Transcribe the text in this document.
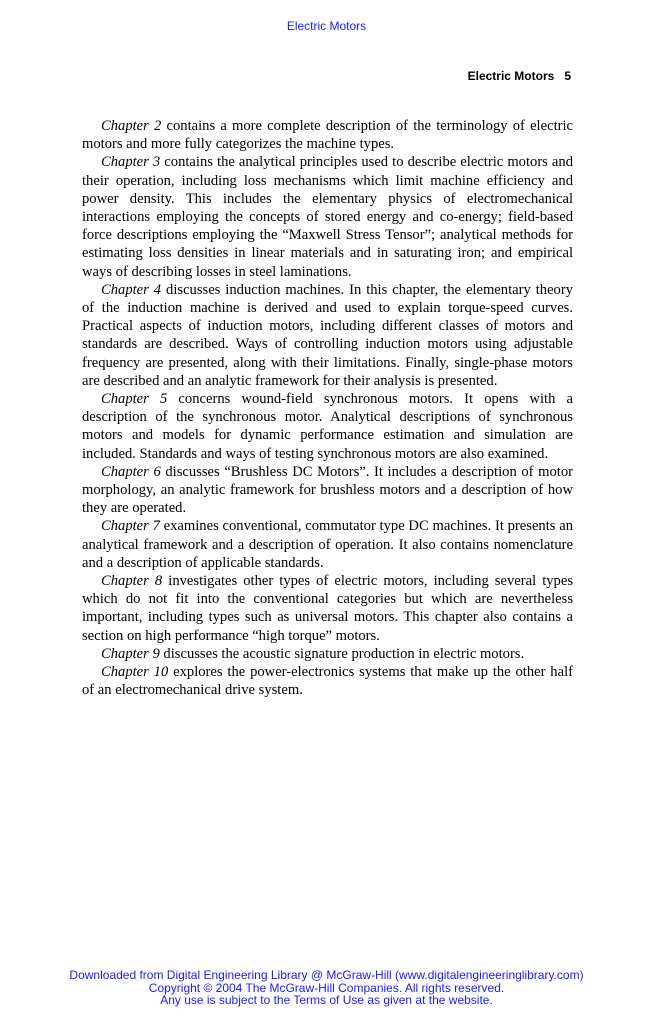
Electric Motors
Electric Motors 5

Chapter 2 contains a more complete description of the terminology of electric motors and more fully categorizes the machine types.

Chapter 3 contains the analytical principles used to describe electric motors and their operation, including loss mechanisms which limit machine efficiency and power density. This includes the elementary physics of electromechanical interactions employing the concepts of stored energy and co-energy; field-based force descriptions employing the “Maxwell Stress Tensor”; analytical methods for estimating loss densities in linear materials and in saturating iron; and empirical ways of describing losses in steel laminations.

Chapter 4 discusses induction machines. In this chapter, the elementary theory of the induction machine is derived and used to explain torque-speed curves. Practical aspects of induction motors, including different classes of motors and standards are described. Ways of controlling induction motors using adjustable frequency are presented, along with their limitations. Finally, single-phase motors are described and an analytic framework for their analysis is presented.

Chapter 5 concerns wound-field synchronous motors. It opens with a description of the synchronous motor. Analytical descriptions of synchronous motors and models for dynamic performance estimation and simulation are included. Standards and ways of testing synchronous motors are also examined.

Chapter 6 discusses “Brushless DC Motors”. It includes a description of motor morphology, an analytic framework for brushless motors and a description of how they are operated.

Chapter 7 examines conventional, commutator type DC machines. It presents an analytical framework and a description of operation. It also contains nomenclature and a description of applicable standards.

Chapter 8 investigates other types of electric motors, including several types which do not fit into the conventional categories but which are nevertheless important, including types such as universal motors. This chapter also contains a section on high performance “high torque” motors.

Chapter 9 discusses the acoustic signature production in electric motors.

Chapter 10 explores the power-electronics systems that make up the other half of an electromechanical drive system.

Downloaded from Digital Engineering Library @ McGraw-Hill (www.digitalengineeringlibrary.com)
Copyright © 2004 The McGraw-Hill Companies. All rights reserved.
Any use is subject to the Terms of Use as given at the website.
